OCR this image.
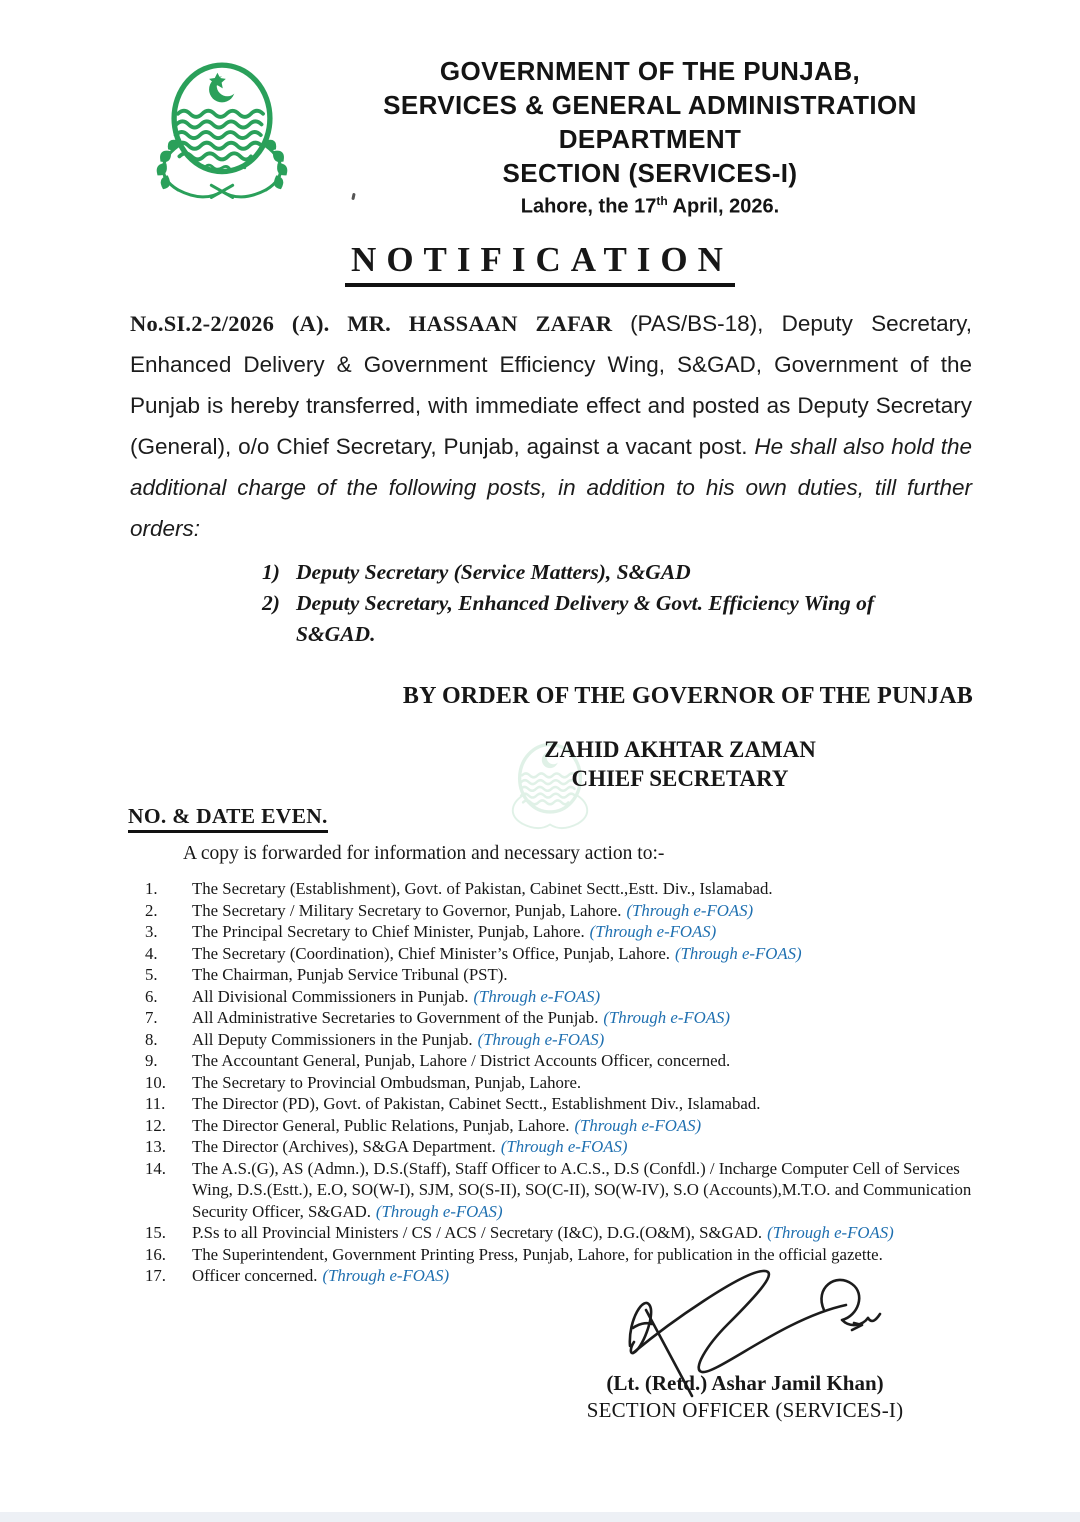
GOVERNMENT OF THE PUNJAB,
SERVICES & GENERAL ADMINISTRATION
DEPARTMENT
SECTION (SERVICES-I)
Lahore, the 17th April, 2026.
NOTIFICATION

No.SI.2-2/2026 (A). MR. HASSAAN ZAFAR (PAS/BS-18), Deputy Secretary, Enhanced Delivery & Government Efficiency Wing, S&GAD, Government of the Punjab is hereby transferred, with immediate effect and posted as Deputy Secretary (General), o/o Chief Secretary, Punjab, against a vacant post. He shall also hold the additional charge of the following posts, in addition to his own duties, till further orders:

1) Deputy Secretary (Service Matters), S&GAD
2) Deputy Secretary, Enhanced Delivery & Govt. Efficiency Wing of S&GAD.
BY ORDER OF THE GOVERNOR OF THE PUNJAB
ZAHID AKHTAR ZAMAN
CHIEF SECRETARY
NO. & DATE EVEN.
A copy is forwarded for information and necessary action to:-
1.	The Secretary (Establishment), Govt. of Pakistan, Cabinet Sectt.,Estt. Div., Islamabad.
2.	The Secretary / Military Secretary to Governor, Punjab, Lahore. (Through e-FOAS)
3.	The Principal Secretary to Chief Minister, Punjab, Lahore. (Through e-FOAS)
4.	The Secretary (Coordination), Chief Minister’s Office, Punjab, Lahore. (Through e-FOAS)
5.	The Chairman, Punjab Service Tribunal (PST).
6.	All Divisional Commissioners in Punjab. (Through e-FOAS)
7.	All Administrative Secretaries to Government of the Punjab. (Through e-FOAS)
8.	All Deputy Commissioners in the Punjab. (Through e-FOAS)
9.	The Accountant General, Punjab, Lahore / District Accounts Officer, concerned.
10.	The Secretary to Provincial Ombudsman, Punjab, Lahore.
11.	The Director (PD), Govt. of Pakistan, Cabinet Sectt., Establishment Div., Islamabad.
12.	The Director General, Public Relations, Punjab, Lahore. (Through e-FOAS)
13.	The Director (Archives), S&GA Department. (Through e-FOAS)
14.	The A.S.(G), AS (Admn.), D.S.(Staff), Staff Officer to A.C.S., D.S (Confdl.) / Incharge Computer Cell of Services Wing, D.S.(Estt.), E.O, SO(W-I), SJM, SO(S-II), SO(C-II), SO(W-IV), S.O (Accounts),M.T.O. and Communication Security Officer, S&GAD. (Through e-FOAS)
15.	P.Ss to all Provincial Ministers / CS / ACS / Secretary (I&C), D.G.(O&M), S&GAD. (Through e-FOAS)
16.	The Superintendent, Government Printing Press, Punjab, Lahore, for publication in the official gazette.
17.	Officer concerned. (Through e-FOAS)
(Lt. (Retd.) Ashar Jamil Khan)
SECTION OFFICER (SERVICES-I)
